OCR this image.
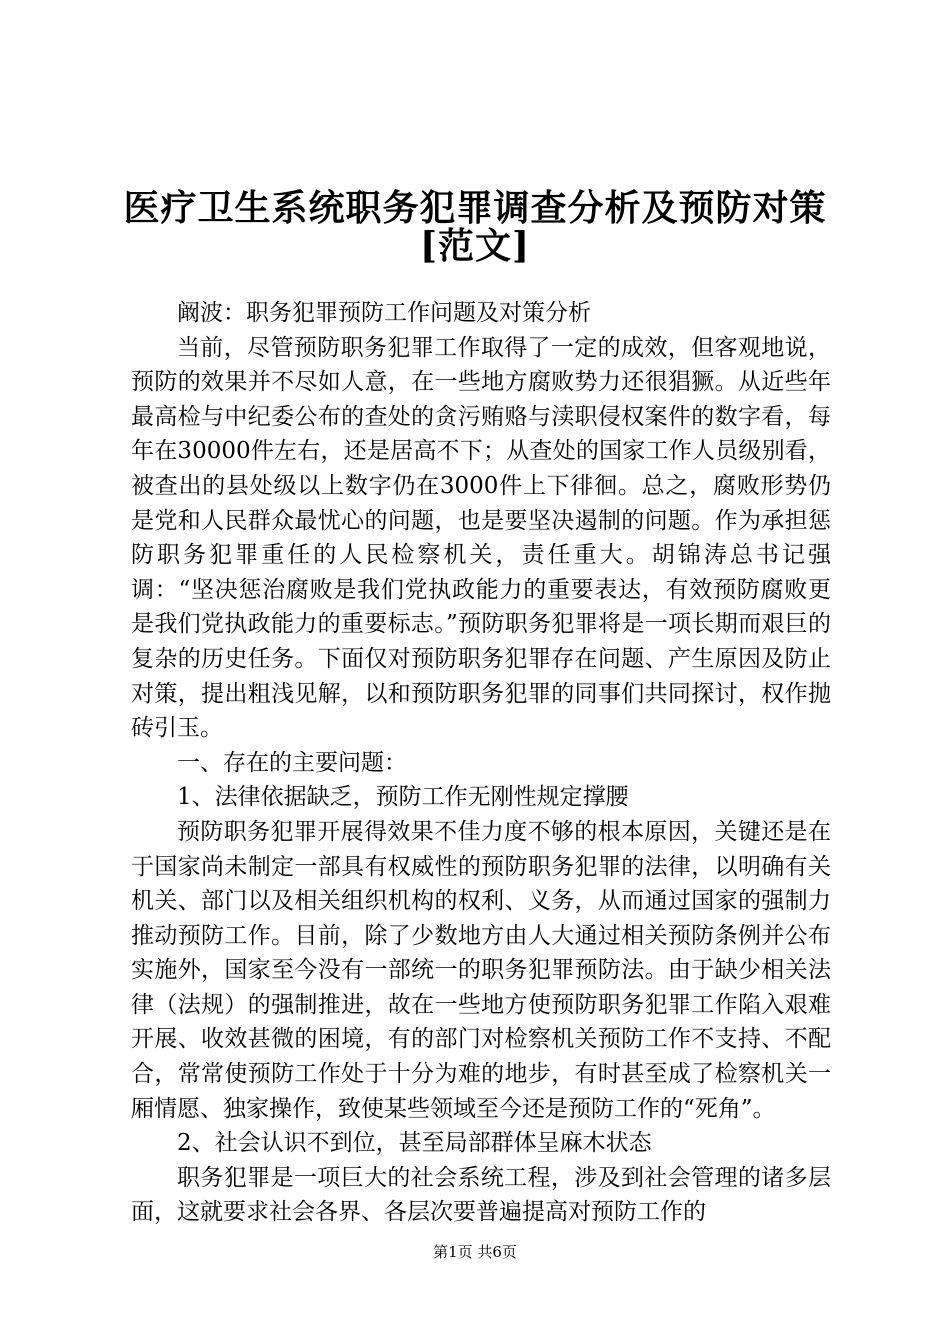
医疗卫生系统职务犯罪调查分析及预防对策
[范文]

阚波：职务犯罪预防工作问题及对策分析

当前，尽管预防职务犯罪工作取得了一定的成效，但客观地说，预防的效果并不尽如人意，在一些地方腐败势力还很猖獗。从近些年最高检与中纪委公布的查处的贪污贿赂与渎职侵权案件的数字看，每年在30000件左右，还是居高不下；从查处的国家工作人员级别看，被查出的县处级以上数字仍在3000件上下徘徊。总之，腐败形势仍是党和人民群众最忧心的问题，也是要坚决遏制的问题。作为承担惩防职务犯罪重任的人民检察机关，责任重大。胡锦涛总书记强调：“坚决惩治腐败是我们党执政能力的重要表达，有效预防腐败更是我们党执政能力的重要标志。”预防职务犯罪将是一项长期而艰巨的复杂的历史任务。下面仅对预防职务犯罪存在问题、产生原因及防止对策，提出粗浅见解，以和预防职务犯罪的同事们共同探讨，权作抛砖引玉。

一、存在的主要问题：

1、法律依据缺乏，预防工作无刚性规定撑腰

预防职务犯罪开展得效果不佳力度不够的根本原因，关键还是在于国家尚未制定一部具有权威性的预防职务犯罪的法律，以明确有关机关、部门以及相关组织机构的权利、义务，从而通过国家的强制力推动预防工作。目前，除了少数地方由人大通过相关预防条例并公布实施外，国家至今没有一部统一的职务犯罪预防法。由于缺少相关法律（法规）的强制推进，故在一些地方使预防职务犯罪工作陷入艰难开展、收效甚微的困境，有的部门对检察机关预防工作不支持、不配合，常常使预防工作处于十分为难的地步，有时甚至成了检察机关一厢情愿、独家操作，致使某些领域至今还是预防工作的“死角”。

2、社会认识不到位，甚至局部群体呈麻木状态

职务犯罪是一项巨大的社会系统工程，涉及到社会管理的诸多层面，这就要求社会各界、各层次要普遍提高对预防工作的

第1页 共6页
